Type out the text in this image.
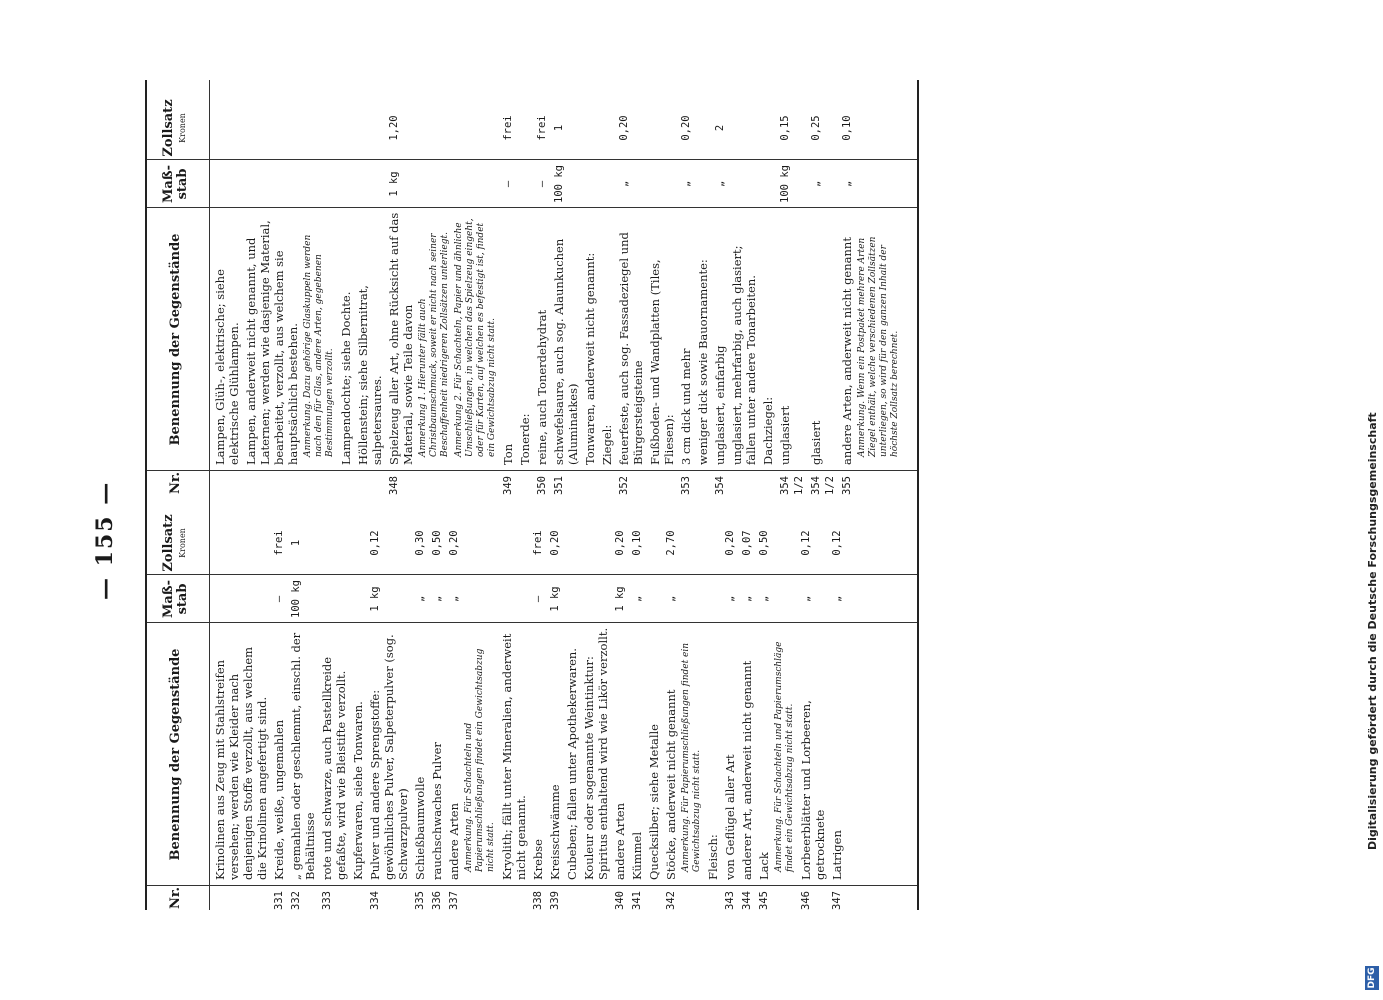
DFG
Digitalisierung gefördert durch die Deutsche Forschungsgemeinschaft
— 155 —
Nr.
Benennung der Gegenstände
Maß-stab
Zollsatz Kronen
Krinolinen aus Zeug mit Stahlstreifen versehen; werden wie Kleider nach denjenigen Stoffe verzollt, aus welchem die Krinolinen angefertigt sind.
331
Kreide, weiße, ungemahlen
—
frei
332
„ gemahlen oder geschlemmt, einschl. der Behältnisse
100 kg
1
333
rote und schwarze, auch Pastellkreide gefaßte, wird wie Bleistifte verzollt. Kupferwaren, siehe Tonwaren.
334
Pulver und andere Sprengstoffe: gewöhnliches Pulver, Salpeterpulver (sog. Schwarzpulver)
1 kg
0,12
335
Schießbaumwolle
„
0,30
336
rauchschwaches Pulver
„
0,50
337
andere Arten
„
0,20
Anmerkung. Für Schachteln und Papierumschließungen findet ein Gewichtsabzug nicht statt. Kryolith; fällt unter Mineralien, anderweit nicht genannt.
338
Krebse
—
frei
339
Kreisschwämme
1 kg
0,20
Cubeben; fallen unter Apothekerwaren. Kouleur oder sogenannte Weintinktur: Spiritus enthaltend wird wie Likör verzollt.
340
andere Arten
1 kg
0,20
341
Kümmel
„
0,10
Quecksilber; siehe Metalle
342
Stöcke, anderweit nicht genannt
„
2,70
Anmerkung. Für Papierumschließungen findet ein Gewichtsabzug nicht statt. Fleisch:
343
von Geflügel aller Art
„
0,20
344
anderer Art, anderweit nicht genannt
„
0,07
345
Lack
„
0,50
Anmerkung. Für Schachteln und Papierumschläge findet ein Gewichtsabzug nicht statt.
346
Lorbeerblätter und Lorbeeren, getrocknete
„
0,12
347
Latrigen
„
0,12
Nr.
Benennung der Gegenstände
Maß-stab
Zollsatz Kronen
Lampen, Glüh-, elektrische; siehe elektrische Glühlampen. Lampen, anderweit nicht genannt, und Laternen; werden wie dasjenige Material, bearbeitet, verzollt, aus welchem sie hauptsächlich bestehen. Anmerkung. Dazu gehörige Glaskuppeln werden nach den für Glas, andere Arten, gegebenen Bestimmungen verzollt. Lampendochte; siehe Dochte. Höllenstein; siehe Silbernitrat, salpetersaures.
348
Spielzeug aller Art, ohne Rücksicht auf das Material, sowie Teile davon
1 kg
1,20
Anmerkung 1. Hierunter fällt auch Christbaumschmuck, soweit er nicht nach seiner Beschaffenheit niedrigeren Zollsätzen unterliegt. Anmerkung 2. Für Schachteln, Papier und ähnliche Umschließungen, in welchen das Spielzeug eingeht, oder für Karten, auf welchen es befestigt ist, findet ein Gewichtsabzug nicht statt.
349
Ton
—
frei
Tonerde:
350
reine, auch Tonerdehydrat
—
frei
351
schwefelsaure, auch sog. Alaunkuchen (Aluminatkes)
100 kg
1
Tonwaren, anderweit nicht genannt: Ziegel:
352
feuerfeste, auch sog. Fassadeziegel und Bürgersteigsteine
„
0,20
Fußboden- und Wandplatten (Tiles, Fliesen):
353
3 cm dick und mehr
„
0,20
weniger dick sowie Bauornamente:
354
unglasiert, einfarbig
„
2
unglasiert, mehrfarbig, auch glasiert; fallen unter andere Tonarbeiten. Dachziegel:
354 1/2
unglasiert
100 kg
0,15
354 1/2
glasiert
„
0,25
355
andere Arten, anderweit nicht genannt
„
0,10
Anmerkung. Wenn ein Postpaket mehrere Arten Ziegel enthält, welche verschiedenen Zollsätzen unterliegen, so wird für den ganzen Inhalt der höchste Zollsatz berechnet.
